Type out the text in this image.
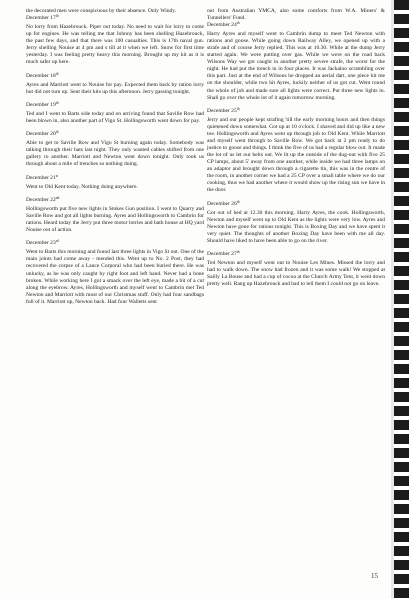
the decorated men were conspicuous by their absence. Only Windy.

December 17th

No lorry from Hazebrouck. Piper out today. No need to wait for lorry to come up for engines. He was telling me that Johnny has been shelling Hazebrouck, the past few days, and that there was 100 casualties. This is 17th naval gun. Jerry shelling Nouise at 4 pm and s till at it when we left. Snow for first time yesterday. I was feeling pretty heavy this morning. Brought up my kit as it is much safer up here.

December 18th

Ayres and Marriott went to Nouise for pay. Expected them back by ration lorry but did not turn up. Sent their kits up this afternoon. Jerry gassing tonight.

December 19th

Ted and I went to Barts side today and on arriving found that Saville Row had been blown in, also another part of Vigo St. Hollingsworth went down for pay.

December 20th

Able to get to Saville Row and Vigo St burning again today. Somebody was talking through their hats last night. They only wanted cables shifted from one gallery to another. Marriott and Newton went down tonight. Only took us through about a mile of trenches so nothing doing.

December 21st

Went to Old Kent today. Nothing doing anywhere.

December 22nd

Hollingsworth put five new lights in Stokes Gun position. I went to Quarry and Saville Row and got all lights burning. Ayres and Hollingsworth to Cambrin for rations. Heard today the Jerry put three motor lorries and bath house at HQ yard Nouise out of action.

December 23rd

Went to Barts this morning and found last three lights in Vigo St out. One of the main joints had come away - mended this. Went up to No. 2 Post, they had recovered the corpse of a Lance Corporal who had been buried there. He was unlucky, as he was only caught by right foot and left hand. Never had a bone broken. While working here I got a smack over the left eye, made a bit of a cut along the eyebrow. Ayres, Hollingsworth and myself went to Cambrin met Ted Newton and Marriott with most of our Christmas stuff. Only had four sandbags full of it. Marriott up, Newton back. Had four Walletts sent

out from Australian YMCA, also some comforts from W.A. Miners' & Tunnellers' Fund.

December 24th

Harry Ayres and myself went to Cambrin dump to meet Ted Newton with rations and goose. While going down Railway Alley, we opened up with a strafe and of course Jerry replied. This was at 10.30. While at the dump Jerry started again. We were putting over gas. While we were on the road back Wilsons Way we got caught in another pretty severe strafe, the worst for the night. He had put the trench in in four places. It was Jackaloo scrambling over this part. Just at the end of Wilsons he dropped an aerial dart, one piece hit me on the shoulder, while two hit Ayres, luckily neither of us got cut. Went round the whole of job and made sure all lights were correct. Put three new lights in. Shall go over the whole lot of it again tomorrow morning.

December 25th

Jerry and our people kept strafing 'till the early morning hours and then things quietened down somewhat. Got up at 10 o'clock. I shaved and did up like a new toe. Hollingsworth and Ayres went up through job to Old Kent. While Marriott and myself went through to Saville Row. We got back at 2 pm ready to do justice to goose and things. I think the five of us had a regular blow out. It made the lot of us let our belts out. We lit up the outside of the dug-out with five 25 CP lamps, about 5' away from one another, while inside we had three lamps on an adaptor and brought down through a cigarette tin, this was in the centre of the room, in another corner we had a 25 CP over a small table where we do our cooking, thus we had another where it would show up the rising sun we have in the door.

December 26th

Got out of bed at 12.30 this morning. Harry Ayres, the cook. Hollingsworth, Newton and myself went up to Old Kent as the lights were very low. Ayres and Newton have gone for rations tonight. This is Boxing Day and we have spent it very quiet. The thoughts of another Boxing Day have been with me all day. Should have liked to have been able to go on the river.

December 27th

Ted Newton and myself went out to Nouise Les Mines. Missed the lorry and had to walk down. The snow had frozen and it was some walk! We stopped at Sailly La Bouse and had a cup of cocoa at the Church Army Tent, it went down pretty well. Rang up Hazebrouck and had to tell them I could not go on leave.

15
